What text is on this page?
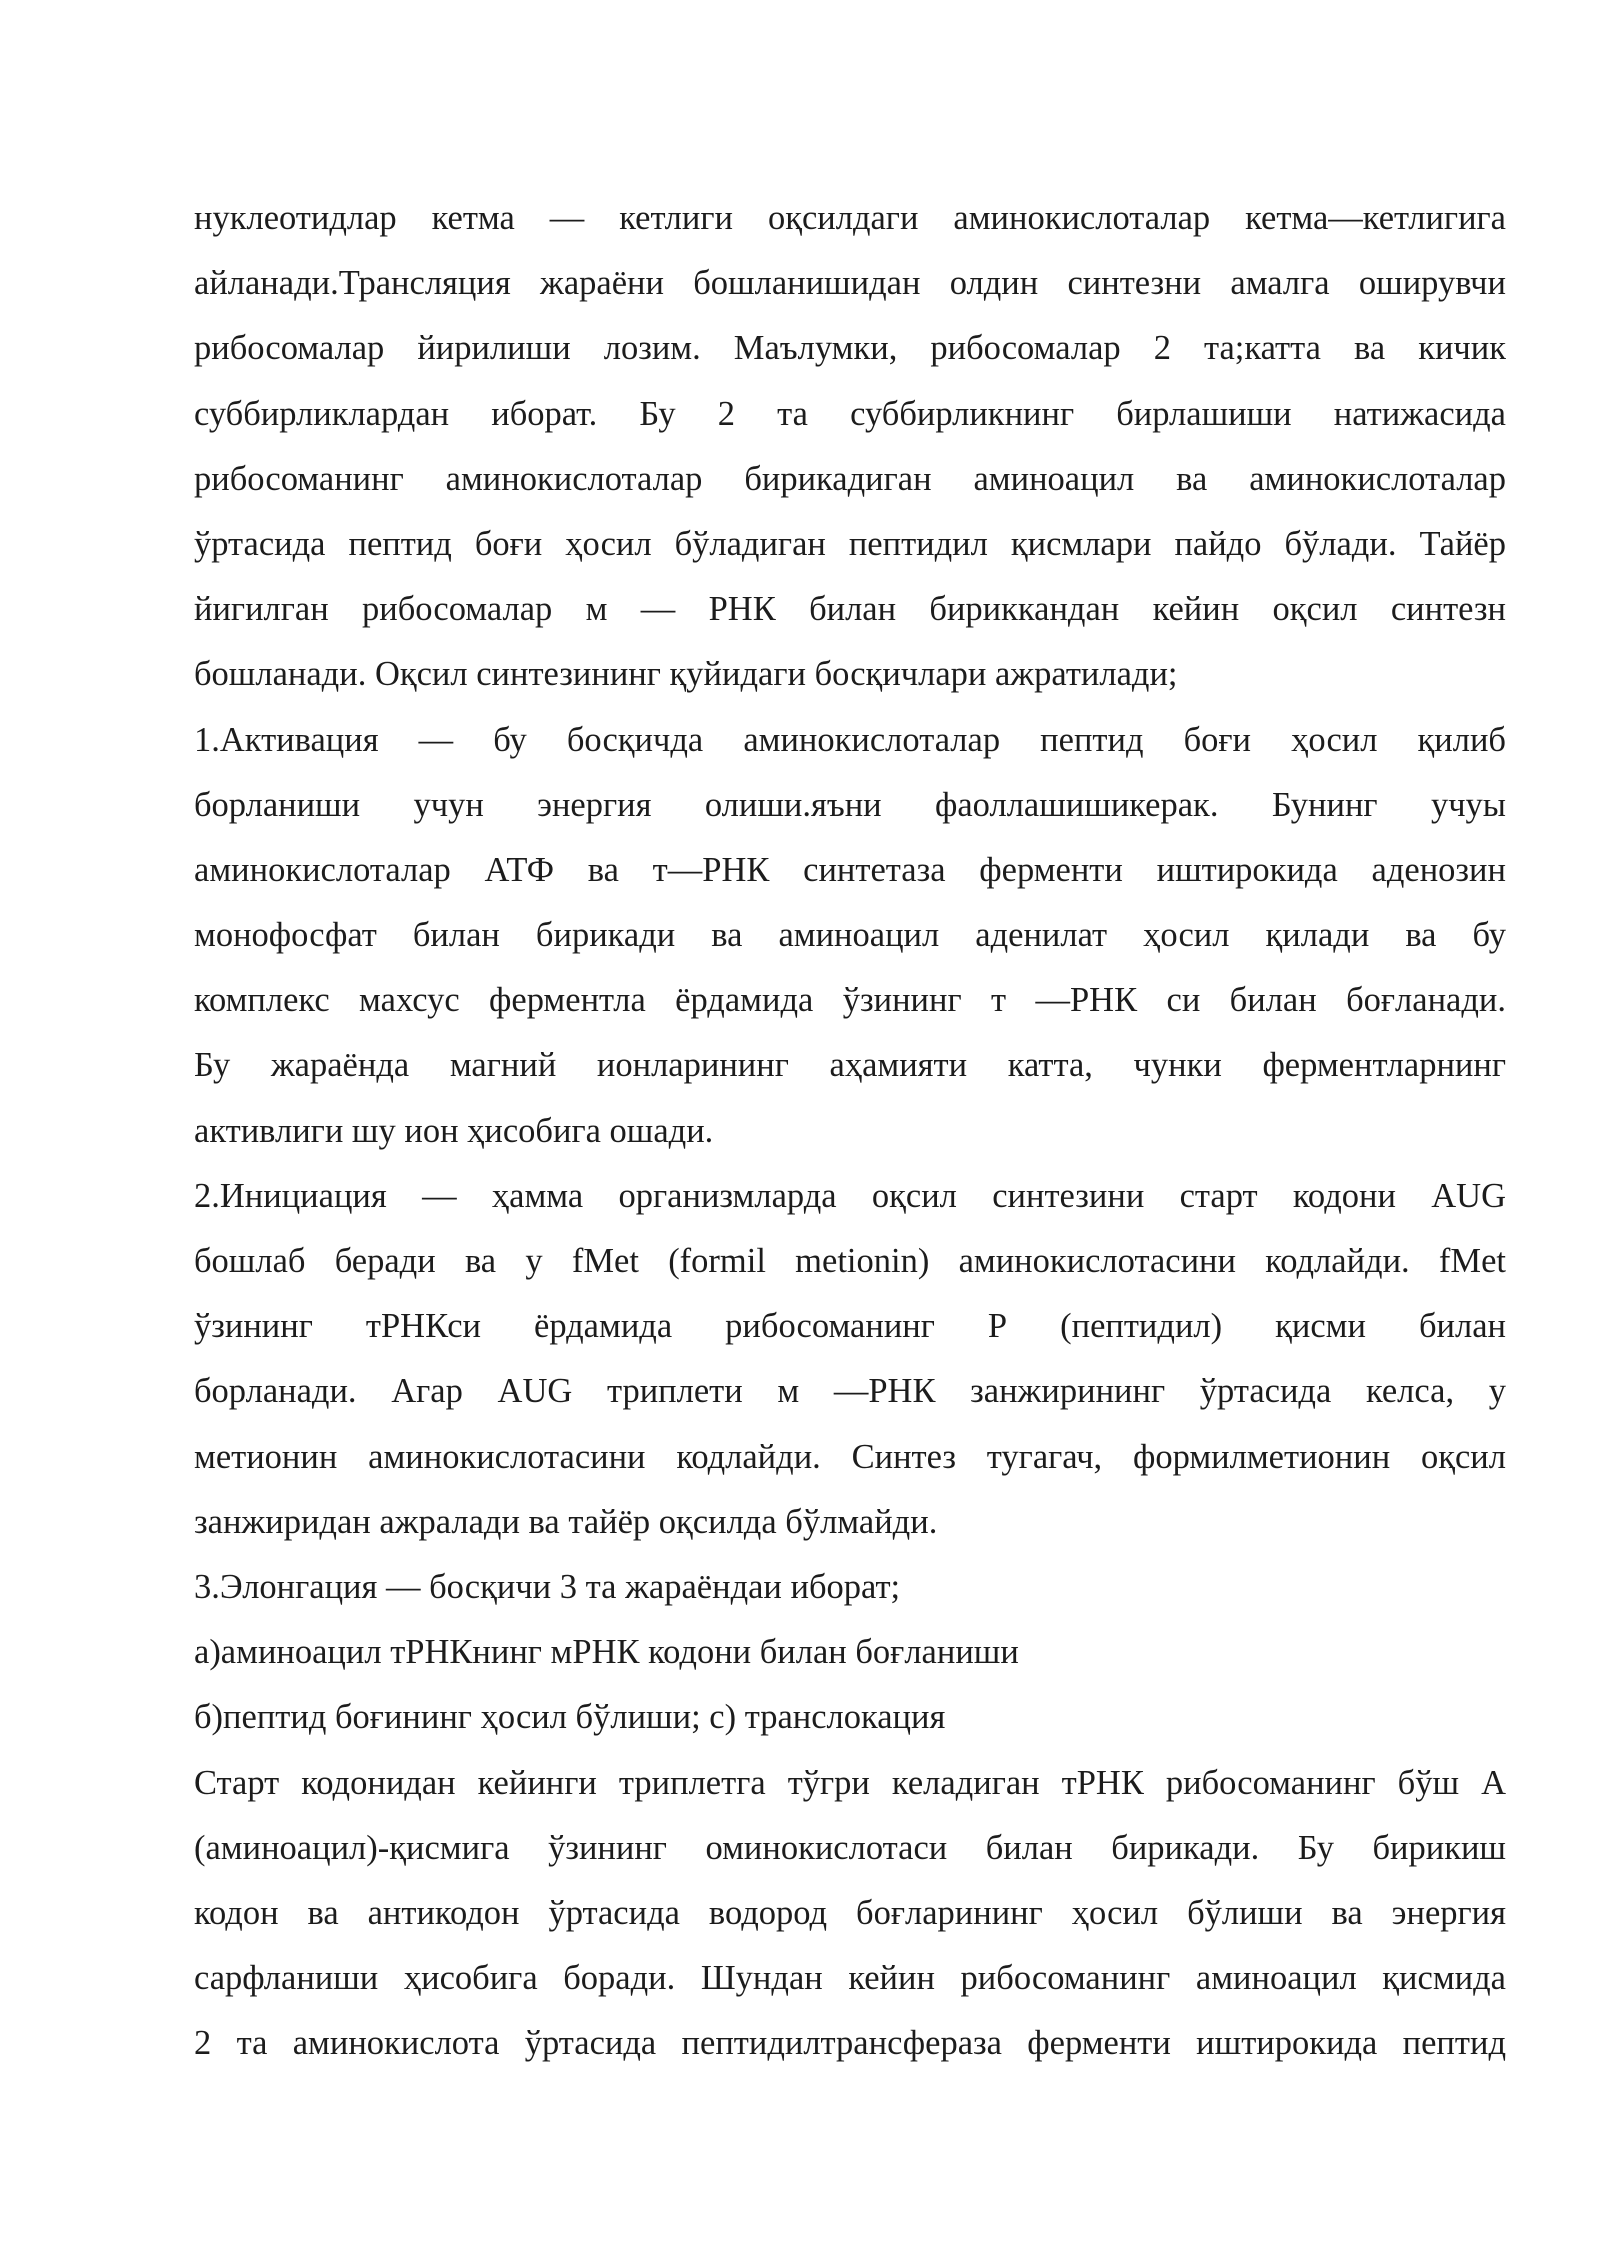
нуклеотидлар кетма — кетлиги оқсилдаги аминокислоталар кетма—кетлигига
айланади.Трансляция жараёни бошланишидан олдин синтезни амалга оширувчи
рибосомалар йирилиши лозим. Маълумки, рибосомалар 2 та;катта ва кичик
суббирликлардан иборат. Бу 2 та суббирликнинг бирлашиши натижасида
рибосоманинг аминокислоталар бирикадиган аминоацил ва аминокислоталар
ўртасида пептид боғи ҳосил бўладиган пептидил қисмлари пайдо бўлади. Тайёр
йигилган рибосомалар м — РНК билан бириккандан кейин оқсил синтезн
бошланади. Оқсил синтезининг қуйидаги босқичлари ажратилади;
1.Активация — бу босқичда аминокислоталар пептид боғи ҳосил қилиб
борланиши учун энергия олиши.яъни фаоллашишикерак. Бунинг учуы
аминокислоталар АТФ ва т—РНК синтетаза ферменти иштирокида аденозин
монофосфат билан бирикади ва аминоацил аденилат ҳосил қилади ва бу
комплекс махсус ферментла ёрдамида ўзининг т —РНК си билан боғланади.
Бу жараёнда магний ионларининг аҳамияти катта, чунки ферментларнинг
активлиги шу ион ҳисобига ошади.
2.Инициация — ҳамма организмларда оқсил синтезини старт кодони AUG
бошлаб беради ва у fMet (formil metionin) аминокислотасини кодлайди. fMet
ўзининг тРНКси ёрдамида рибосоманинг Р (пептидил) қисми билан
борланади. Агар AUG триплети м —РНК занжирининг ўртасида келса, у
метионин аминокислотасини кодлайди. Синтез тугагач, формилметионин оқсил
занжиридан ажралади ва тайёр оқсилда бўлмайди.
3.Элонгация — босқичи 3 та жараёндаи иборат;
а)аминоацил тРНКнинг мРНК кодони билан боғланиши
б)пептид боғининг ҳосил бўлиши; с) транслокация
Старт кодонидан кейинги триплетга тўгри келадиган тРНК рибосоманинг бўш А
(аминоацил)-қисмига ўзининг оминокислотаси билан бирикади. Бу бирикиш
кодон ва антикодон ўртасида водород боғларининг ҳосил бўлиши ва энергия
сарфланиши ҳисобига боради. Шундан кейин рибосоманинг аминоацил қисмида
2 та аминокислота ўртасида пептидилтрансфераза ферменти иштирокида пептид
